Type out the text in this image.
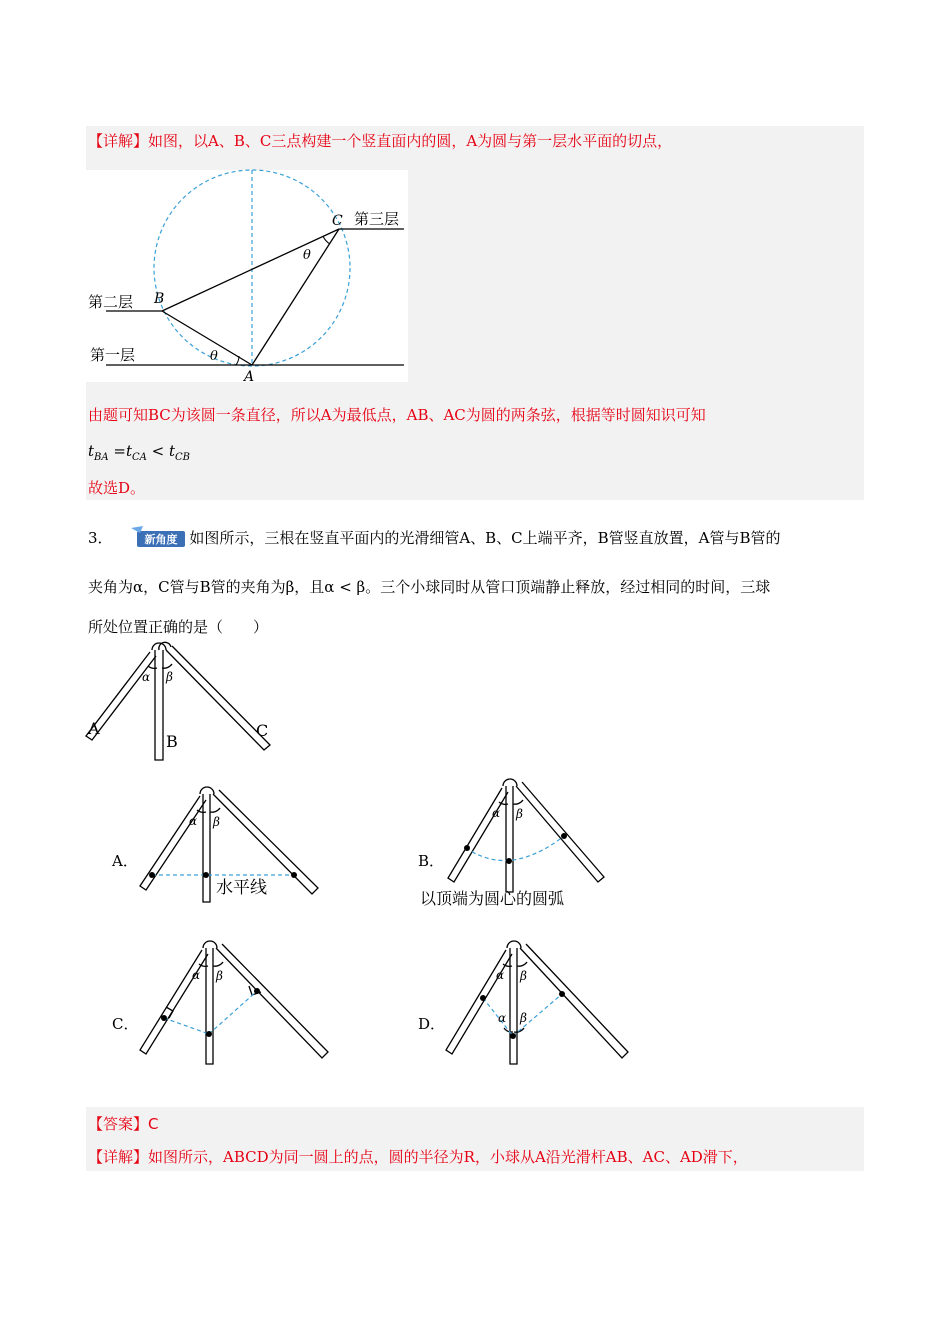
【详解】如图，以A、B、C三点构建一个竖直面内的圆，A为圆与第一层水平面的切点，
第二层
第一层
第三层
B
A
C
θ
θ
由题可知BC为该圆一条直径，所以A为最低点，AB、AC为圆的两条弦，根据等时圆知识可知
$t_{BA} =t_{CA} < t_{CB}$
故选D。
3．	新角度 如图所示，三根在竖直平面内的光滑细管A、B、C上端平齐，B管竖直放置，A管与B管的
夹角为α，C管与B管的夹角为β，且α < β。三个小球同时从管口顶端静止释放，经过相同的时间，三球
所处位置正确的是（　　）
α β
A
B
C
A．
α β
水平线
B．
α β
以顶端为圆心的圆弧
C．
α β
D．
α β
α β
【答案】C
【详解】如图所示，ABCD为同一圆上的点，圆的半径为R，小球从A沿光滑杆AB、AC、AD滑下，
